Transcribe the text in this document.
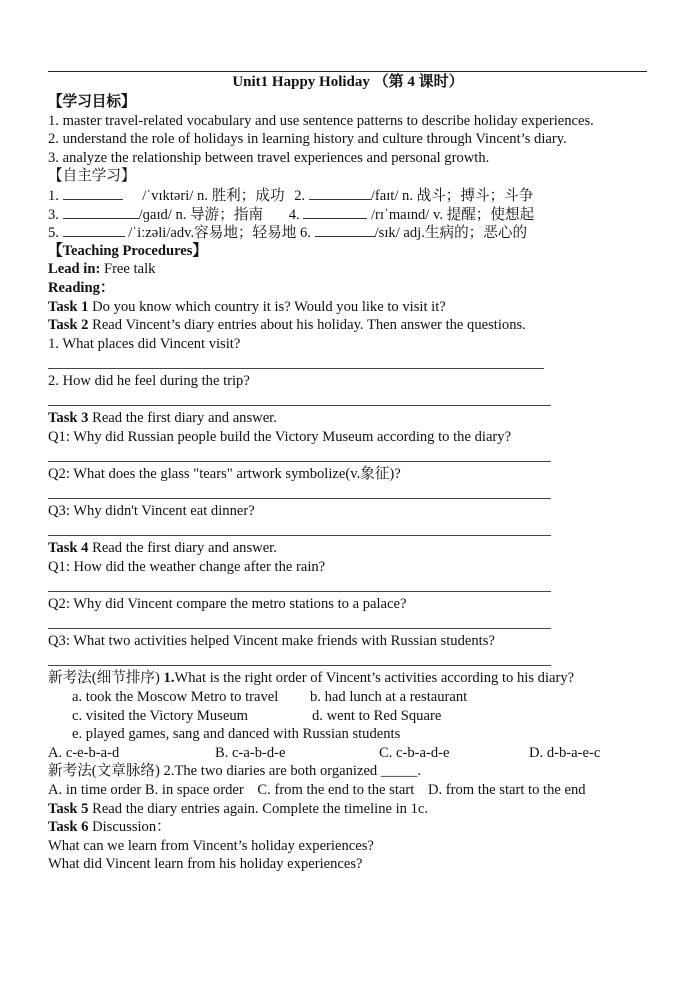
Unit1 Happy Holiday （第 4 课时）
【学习目标】
1. master travel-related vocabulary and use sentence patterns to describe holiday experiences.
2. understand the role of holidays in learning history and culture through Vincent’s diary.
3. analyze the relationship between travel experiences and personal growth.
【自主学习】
1.	/ˈvɪktəri/ n. 胜利；成功 2.	/faɪt/ n. 战斗；搏斗；斗争
3.	/ɡaɪd/ n. 导游；指南 4.	/rɪˈmaɪnd/ v. 提醒；使想起
5.	/ˈiːzəli/adv.容易地；轻易地 6.	/sɪk/ adj.生病的；恶心的
【Teaching Procedures】
Lead in: Free talk
Reading：
Task 1 Do you know which country it is? Would you like to visit it?
Task 2 Read Vincent’s diary entries about his holiday. Then answer the questions.
1. What places did Vincent visit?
2. How did he feel during the trip?
Task 3 Read the first diary and answer.
Q1: Why did Russian people build the Victory Museum according to the diary?
Q2: What does the glass "tears" artwork symbolize(v.象征)?
Q3: Why didn't Vincent eat dinner?
Task 4 Read the first diary and answer.
Q1: How did the weather change after the rain?
Q2: Why did Vincent compare the metro stations to a palace?
Q3: What two activities helped Vincent make friends with Russian students?
新考法(细节排序) 1.What is the right order of Vincent’s activities according to his diary?
a. took the Moscow Metro to travel b. had lunch at a restaurant
c. visited the Victory Museum	d. went to Red Square
e. played games, sang and danced with Russian students
A. c-e-b-a-d	B. c-a-b-d-e	C. c-b-a-d-e	D. d-b-a-e-c
新考法(文章脉络) 2.The two diaries are both organized _____.
A. in time order B. in space order C. from the end to the start D. from the start to the end
Task 5 Read the diary entries again. Complete the timeline in 1c.
Task 6 Discussion：
What can we learn from Vincent’s holiday experiences?
What did Vincent learn from his holiday experiences?
